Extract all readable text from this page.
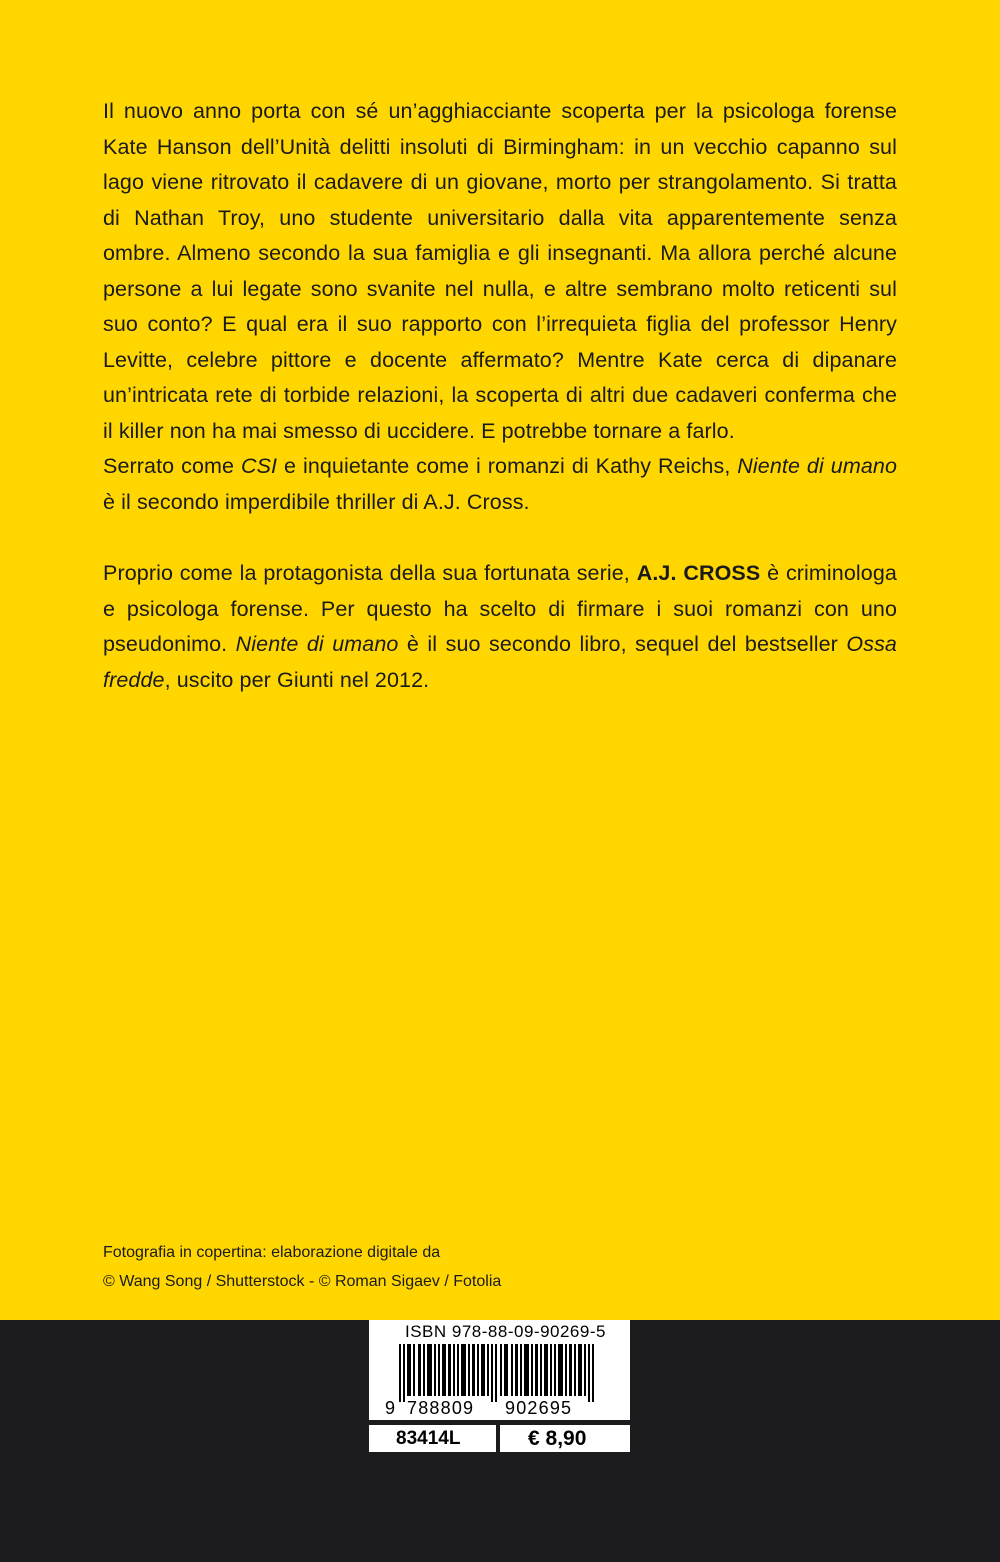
Il nuovo anno porta con sé un’agghiacciante scoperta per la psicologa forense Kate Hanson dell’Unità delitti insoluti di Birmingham: in un vecchio capanno sul lago viene ritrovato il cadavere di un giovane, morto per strangolamento. Si tratta di Nathan Troy, uno studente universitario dalla vita apparentemente senza ombre. Almeno secondo la sua famiglia e gli insegnanti. Ma allora perché alcune persone a lui legate sono svanite nel nulla, e altre sembrano molto reticenti sul suo conto? E qual era il suo rapporto con l’irrequieta figlia del professor Henry Levitte, celebre pittore e docente affermato? Mentre Kate cerca di dipanare un’intricata rete di torbide relazioni, la scoperta di altri due cadaveri conferma che il killer non ha mai smesso di uccidere. E potrebbe tornare a farlo.

Serrato come CSI e inquietante come i romanzi di Kathy Reichs, Niente di umano è il secondo imperdibile thriller di A.J. Cross.

Proprio come la protagonista della sua fortunata serie, A.J. CROSS è criminologa e psicologa forense. Per questo ha scelto di firmare i suoi romanzi con uno pseudonimo. Niente di umano è il suo secondo libro, sequel del bestseller Ossa fredde, uscito per Giunti nel 2012.

Fotografia in copertina: elaborazione digitale da
© Wang Song / Shutterstock - © Roman Sigaev / Fotolia
ISBN 978-88-09-90269-5
9 788809 902695
83414L	€ 8,90
